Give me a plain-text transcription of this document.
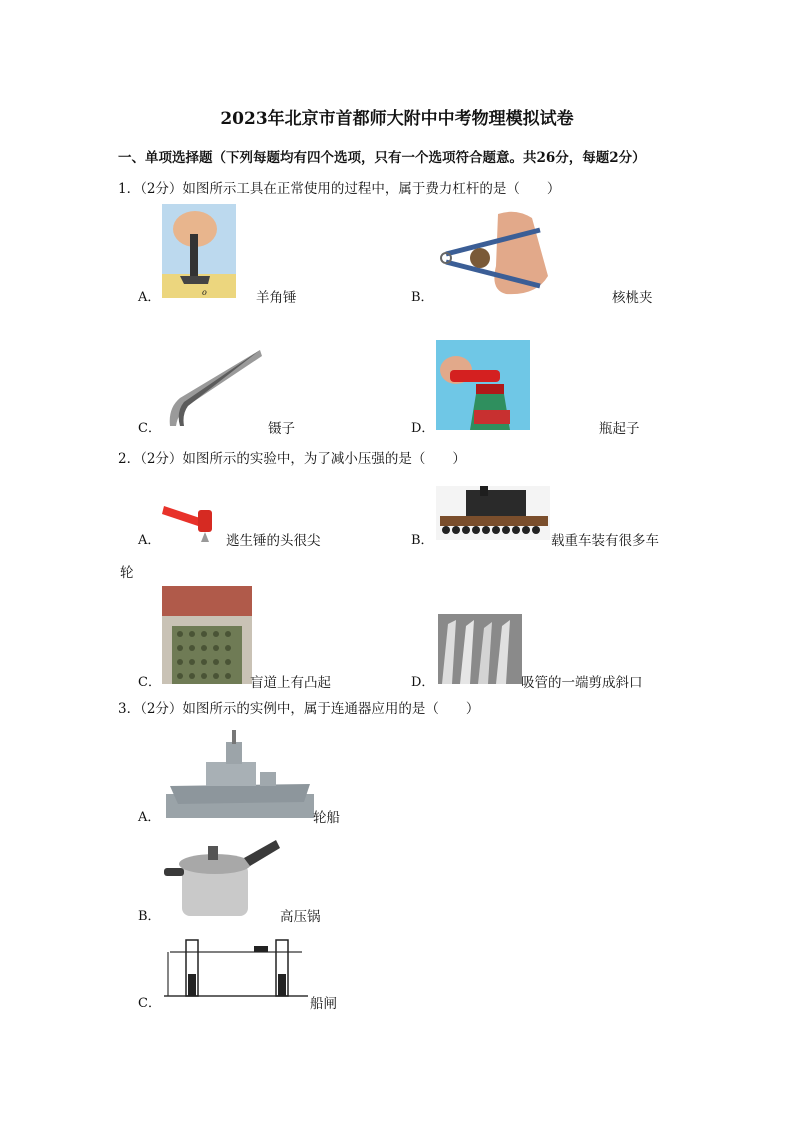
2023年北京市首都师大附中中考物理模拟试卷
一、单项选择题（下列每题均有四个选项，只有一个选项符合题意。共26分，每题2分）
1．（2分）如图所示工具在正常使用的过程中，属于费力杠杆的是（　　）
A．	o	羊角锤	B．	核桃夹
C．	镊子	D．	瓶起子
2．（2分）如图所示的实验中，为了减小压强的是（　　）
A．	逃生锤的头很尖	B．	载重车装有很多车
轮
C．	盲道上有凸起	D．	吸管的一端剪成斜口
3．（2分）如图所示的实例中，属于连通器应用的是（　　）
A．	轮船
B．	高压锅
C．	船闸
